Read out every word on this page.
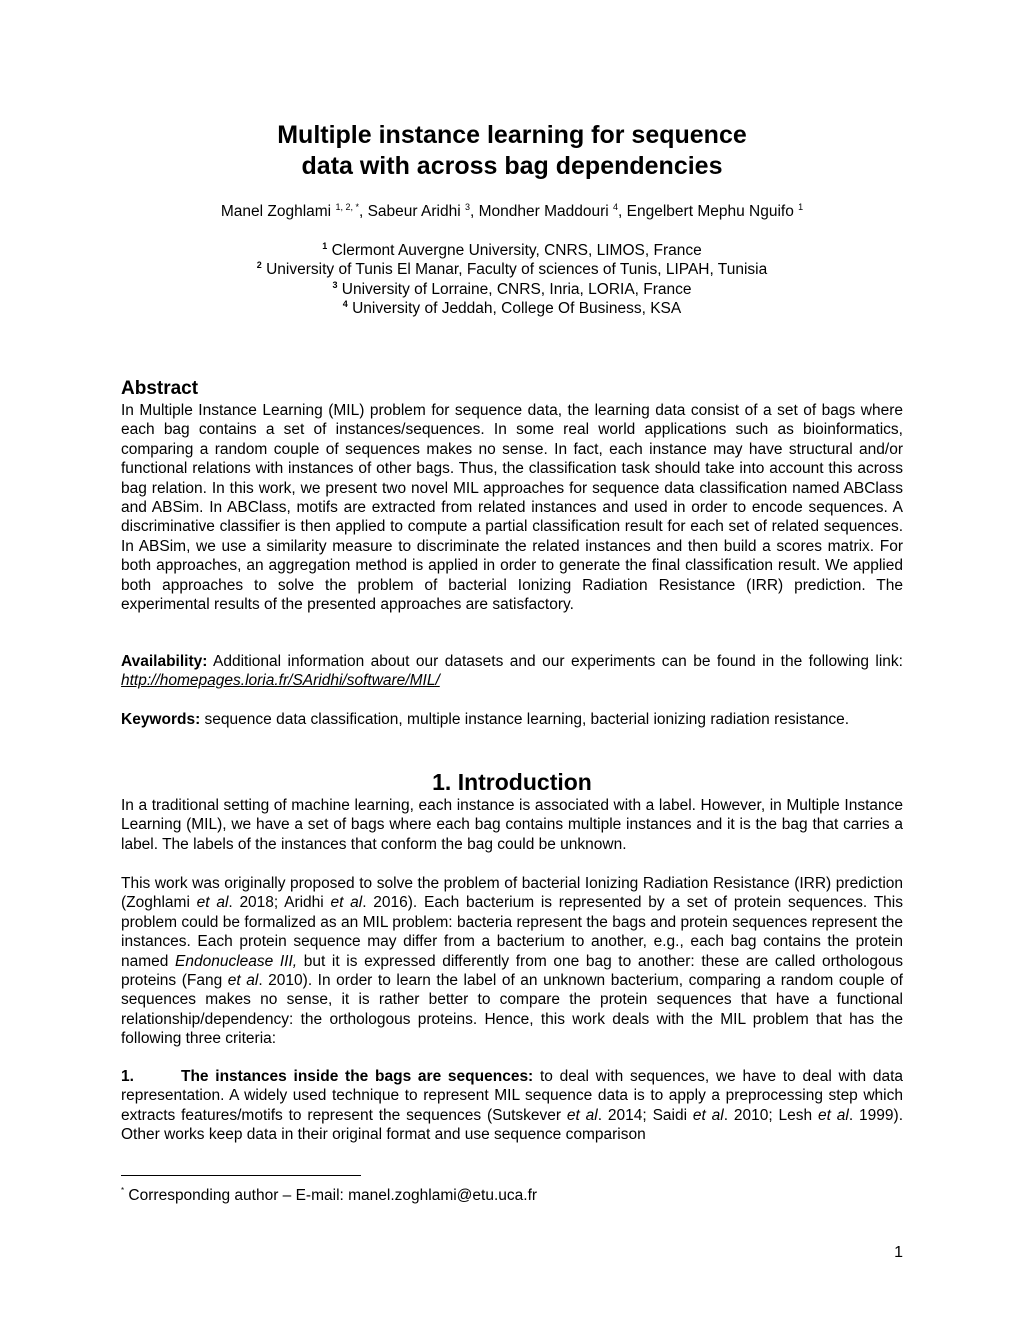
Multiple instance learning for sequence
data with across bag dependencies
Manel Zoghlami $^{1, 2, *}$, Sabeur Aridhi $^3$, Mondher Maddouri $^4$, Engelbert Mephu Nguifo $^1$
$^1$ Clermont Auvergne University, CNRS, LIMOS, France
$^2$ University of Tunis El Manar, Faculty of sciences of Tunis, LIPAH, Tunisia
$^3$ University of Lorraine, CNRS, Inria, LORIA, France
$^4$ University of Jeddah, College Of Business, KSA
Abstract
In Multiple Instance Learning (MIL) problem for sequence data, the learning data consist of a set of bags where each bag contains a set of instances/sequences. In some real world applications such as bioinformatics, comparing a random couple of sequences makes no sense. In fact, each instance may have structural and/or functional relations with instances of other bags. Thus, the classification task should take into account this across bag relation. In this work, we present two novel MIL approaches for sequence data classification named ABClass and ABSim. In ABClass, motifs are extracted from related instances and used in order to encode sequences. A discriminative classifier is then applied to compute a partial classification result for each set of related sequences. In ABSim, we use a similarity measure to discriminate the related instances and then build a scores matrix. For both approaches, an aggregation method is applied in order to generate the final classification result. We applied both approaches to solve the problem of bacterial Ionizing Radiation Resistance (IRR) prediction. The experimental results of the presented approaches are satisfactory.
Availability: Additional information about our datasets and our experiments can be found in the following link: http://homepages.loria.fr/SAridhi/software/MIL/
Keywords: sequence data classification, multiple instance learning, bacterial ionizing radiation resistance.
1. Introduction
In a traditional setting of machine learning, each instance is associated with a label. However, in Multiple Instance Learning (MIL), we have a set of bags where each bag contains multiple instances and it is the bag that carries a label. The labels of the instances that conform the bag could be unknown.
This work was originally proposed to solve the problem of bacterial Ionizing Radiation Resistance (IRR) prediction (Zoghlami et al. 2018; Aridhi et al. 2016). Each bacterium is represented by a set of protein sequences. This problem could be formalized as an MIL problem: bacteria represent the bags and protein sequences represent the instances. Each protein sequence may differ from a bacterium to another, e.g., each bag contains the protein named Endonuclease III, but it is expressed differently from one bag to another: these are called orthologous proteins (Fang et al. 2010). In order to learn the label of an unknown bacterium, comparing a random couple of sequences makes no sense, it is rather better to compare the protein sequences that have a functional relationship/dependency: the orthologous proteins. Hence, this work deals with the MIL problem that has the following three criteria:
1.	The instances inside the bags are sequences: to deal with sequences, we have to deal with data representation. A widely used technique to represent MIL sequence data is to apply a preprocessing step which extracts features/motifs to represent the sequences (Sutskever et al. 2014; Saidi et al. 2010; Lesh et al. 1999). Other works keep data in their original format and use sequence comparison
* Corresponding author – E-mail: manel.zoghlami@etu.uca.fr
1
